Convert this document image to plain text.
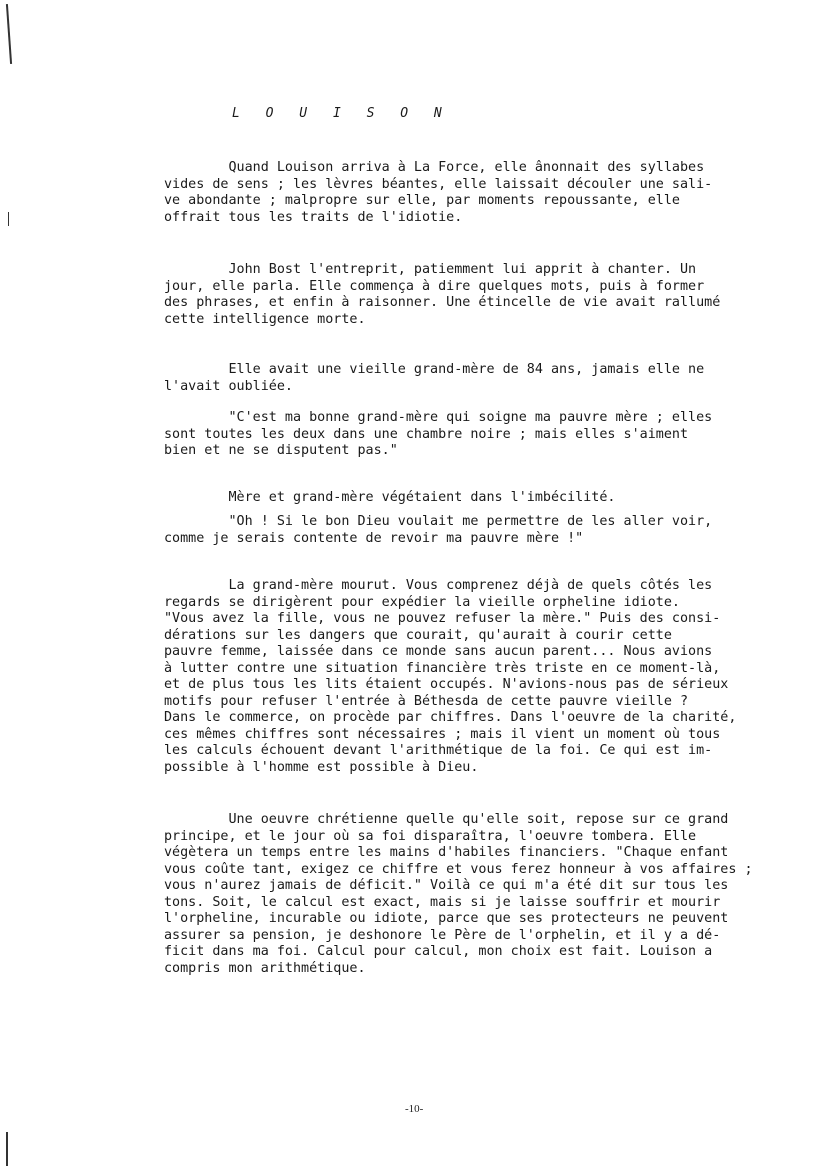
L O U I S O N

Quand Louison arriva à La Force, elle ânonnait des syllabes
vides de sens ; les lèvres béantes, elle laissait découler une sali-
ve abondante ; malpropre sur elle, par moments repoussante, elle
offrait tous les traits de l'idiotie.

John Bost l'entreprit, patiemment lui apprit à chanter. Un
jour, elle parla. Elle commença à dire quelques mots, puis à former
des phrases, et enfin à raisonner. Une étincelle de vie avait rallumé
cette intelligence morte.

Elle avait une vieille grand-mère de 84 ans, jamais elle ne
l'avait oubliée.

"C'est ma bonne grand-mère qui soigne ma pauvre mère ; elles
sont toutes les deux dans une chambre noire ; mais elles s'aiment
bien et ne se disputent pas."

Mère et grand-mère végétaient dans l'imbécilité.

"Oh ! Si le bon Dieu voulait me permettre de les aller voir,
comme je serais contente de revoir ma pauvre mère !"

La grand-mère mourut. Vous comprenez déjà de quels côtés les
regards se dirigèrent pour expédier la vieille orpheline idiote.
"Vous avez la fille, vous ne pouvez refuser la mère." Puis des consi-
dérations sur les dangers que courait, qu'aurait à courir cette
pauvre femme, laissée dans ce monde sans aucun parent... Nous avions
à lutter contre une situation financière très triste en ce moment-là,
et de plus tous les lits étaient occupés. N'avions-nous pas de sérieux
motifs pour refuser l'entrée à Béthesda de cette pauvre vieille ?
Dans le commerce, on procède par chiffres. Dans l'oeuvre de la charité,
ces mêmes chiffres sont nécessaires ; mais il vient un moment où tous
les calculs échouent devant l'arithmétique de la foi. Ce qui est im-
possible à l'homme est possible à Dieu.

Une oeuvre chrétienne quelle qu'elle soit, repose sur ce grand
principe, et le jour où sa foi disparaîtra, l'oeuvre tombera. Elle
végètera un temps entre les mains d'habiles financiers. "Chaque enfant
vous coûte tant, exigez ce chiffre et vous ferez honneur à vos affaires ;
vous n'aurez jamais de déficit." Voilà ce qui m'a été dit sur tous les
tons. Soit, le calcul est exact, mais si je laisse souffrir et mourir
l'orpheline, incurable ou idiote, parce que ses protecteurs ne peuvent
assurer sa pension, je deshonore le Père de l'orphelin, et il y a dé-
ficit dans ma foi. Calcul pour calcul, mon choix est fait. Louison a
compris mon arithmétique.

-10-
